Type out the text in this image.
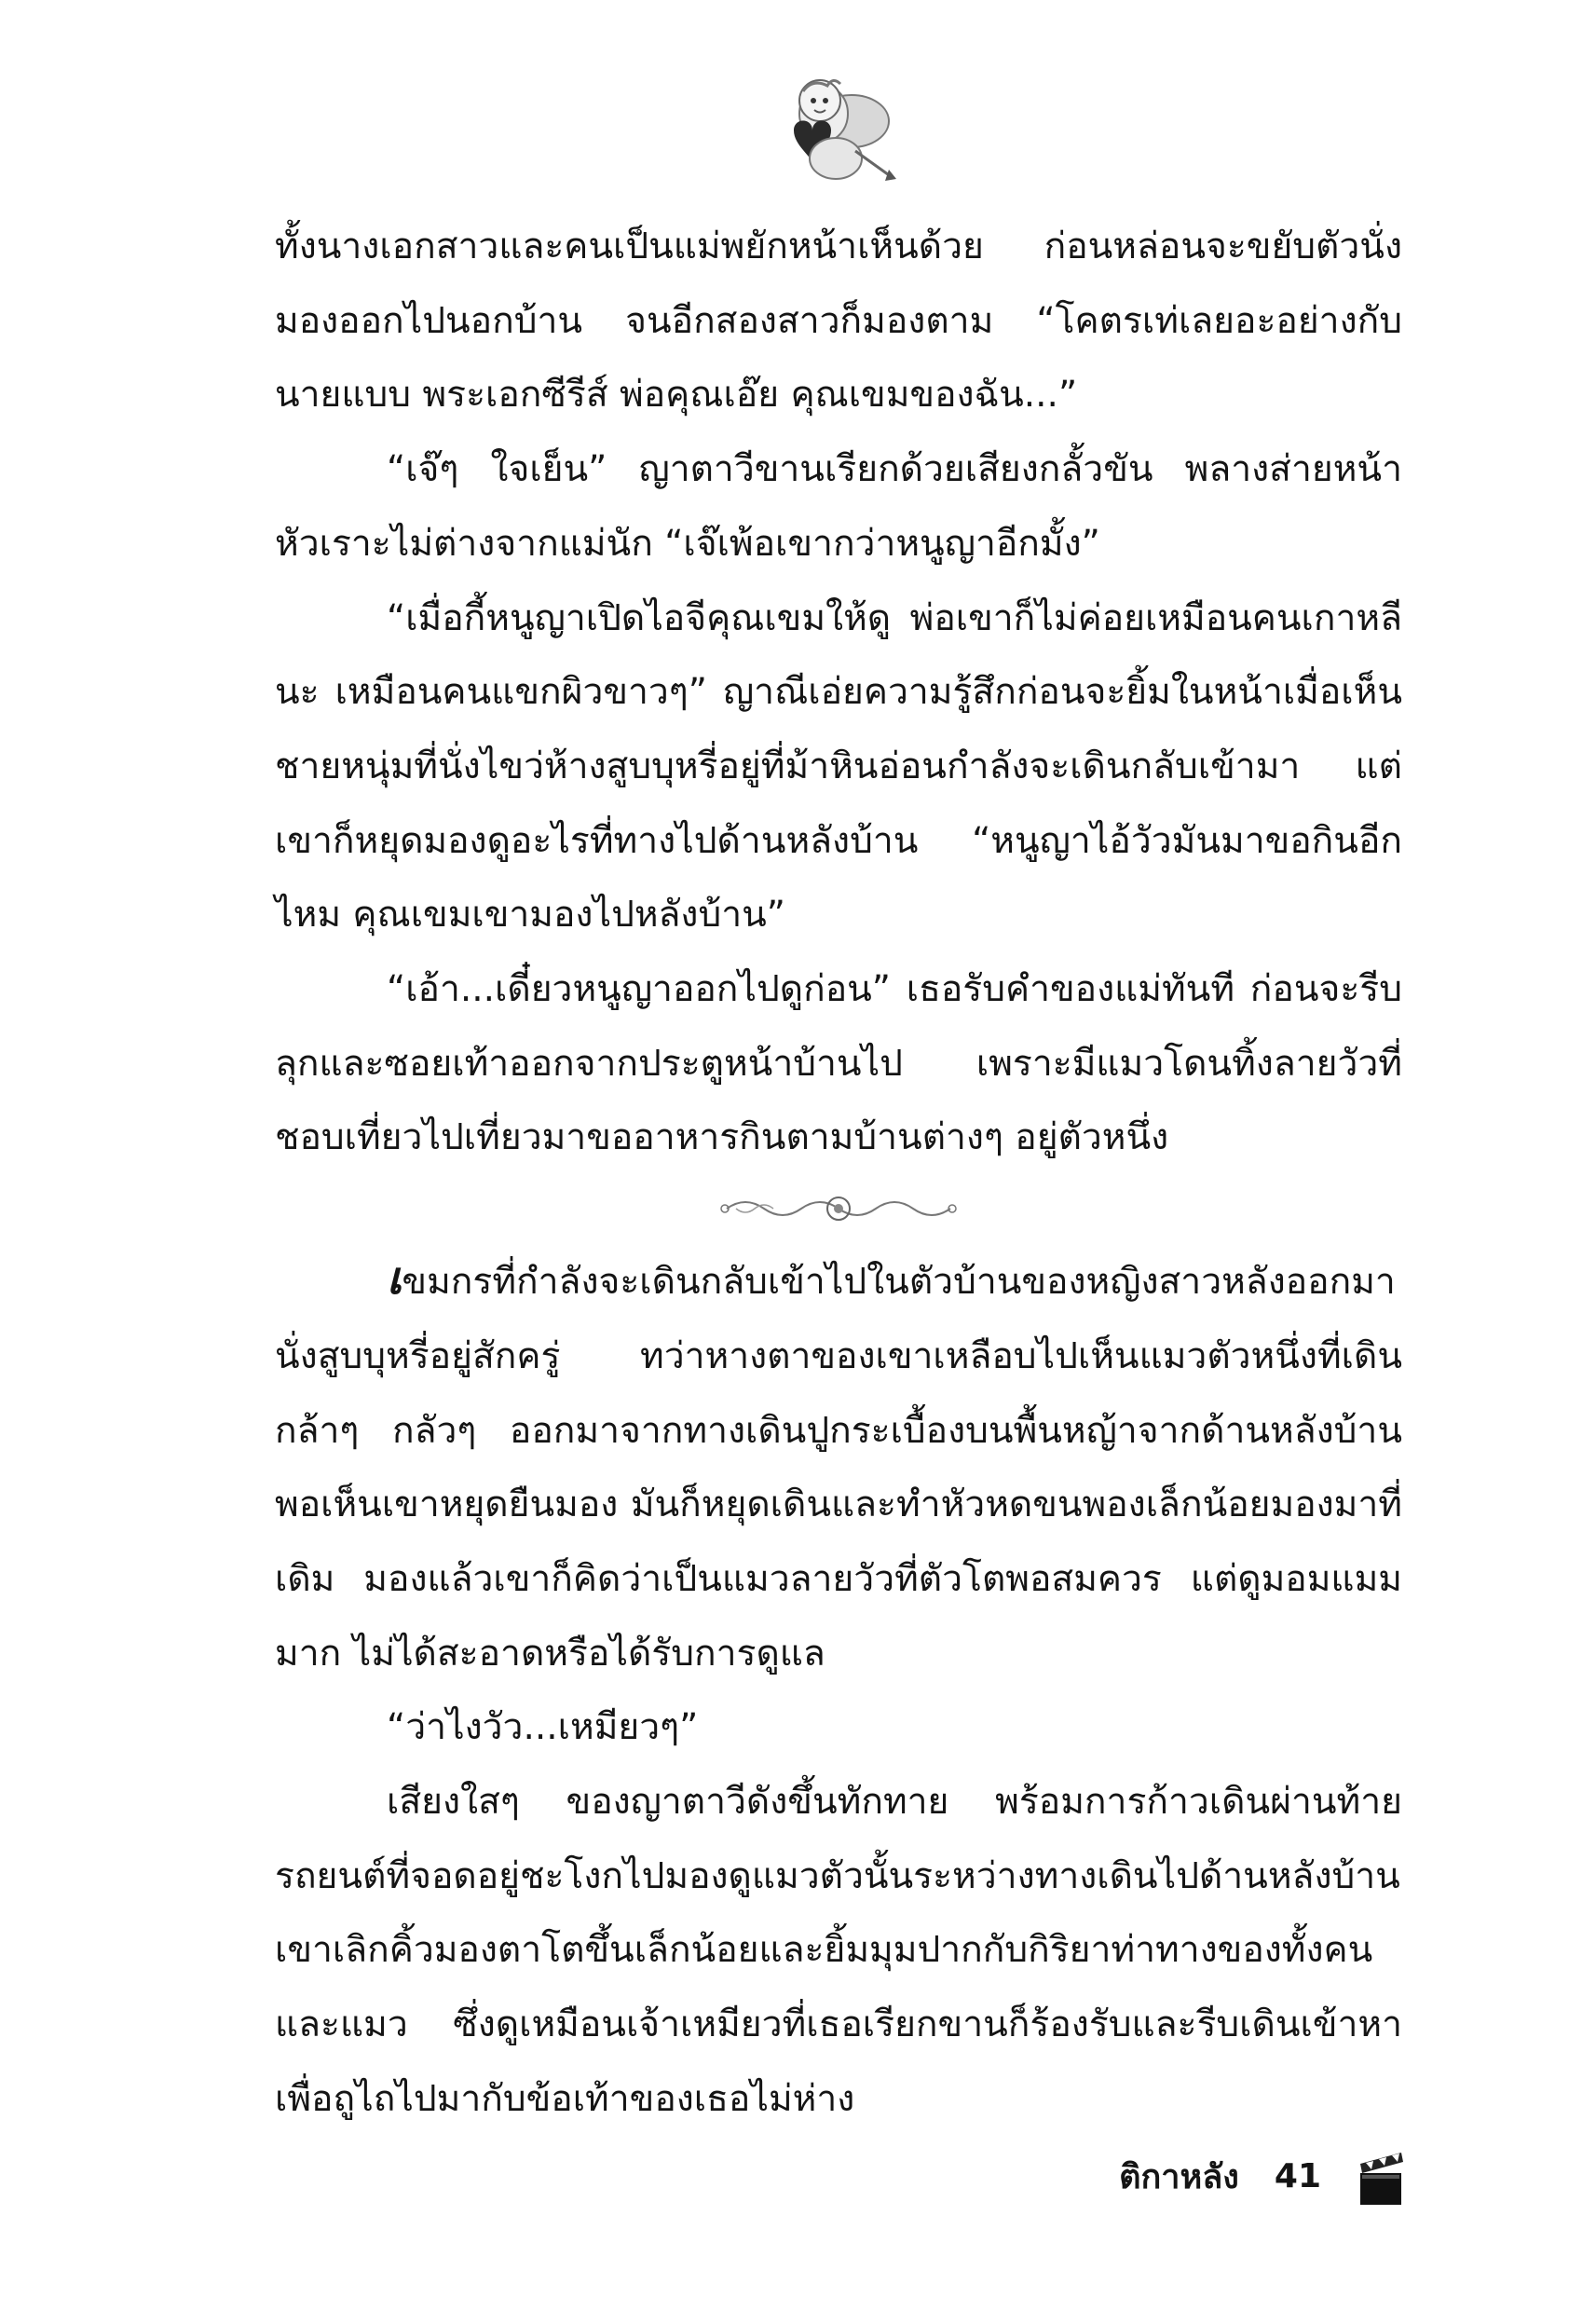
ทั้งนางเอกสาวและคนเป็นแม่พยักหน้าเห็นด้วย ก่อนหล่อนจะขยับตัวนั่งมองออกไปนอกบ้าน จนอีกสองสาวก็มองตาม “โคตรเท่เลยอะอย่างกับนายแบบ พระเอกซีรีส์ พ่อคุณเอ๊ย คุณเขมของฉัน...”

“เจ๊ๆ ใจเย็น” ญาตาวีขานเรียกด้วยเสียงกลั้วขัน พลางส่ายหน้าหัวเราะไม่ต่างจากแม่นัก “เจ๊เพ้อเขากว่าหนูญาอีกมั้ง”

“เมื่อกี้หนูญาเปิดไอจีคุณเขมให้ดู พ่อเขาก็ไม่ค่อยเหมือนคนเกาหลีนะ เหมือนคนแขกผิวขาวๆ” ญาณีเอ่ยความรู้สึกก่อนจะยิ้มในหน้าเมื่อเห็นชายหนุ่มที่นั่งไขว่ห้างสูบบุหรี่อยู่ที่ม้าหินอ่อนกำลังจะเดินกลับเข้ามา แต่เขาก็หยุดมองดูอะไรที่ทางไปด้านหลังบ้าน “หนูญาไอ้วัวมันมาขอกินอีกไหม คุณเขมเขามองไปหลังบ้าน”

“เอ้า...เดี๋ยวหนูญาออกไปดูก่อน” เธอรับคำของแม่ทันที ก่อนจะรีบลุกและซอยเท้าออกจากประตูหน้าบ้านไป เพราะมีแมวโดนทิ้งลายวัวที่ชอบเที่ยวไปเที่ยวมาขออาหารกินตามบ้านต่างๆ อยู่ตัวหนึ่ง

เขมกรที่กำลังจะเดินกลับเข้าไปในตัวบ้านของหญิงสาวหลังออกมานั่งสูบบุหรี่อยู่สักครู่ ทว่าหางตาของเขาเหลือบไปเห็นแมวตัวหนึ่งที่เดินกล้าๆ กลัวๆ ออกมาจากทางเดินปูกระเบื้องบนพื้นหญ้าจากด้านหลังบ้าน พอเห็นเขาหยุดยืนมอง มันก็หยุดเดินและทำหัวหดขนพองเล็กน้อยมองมาที่เดิม มองแล้วเขาก็คิดว่าเป็นแมวลายวัวที่ตัวโตพอสมควร แต่ดูมอมแมมมาก ไม่ได้สะอาดหรือได้รับการดูแล

“ว่าไงวัว...เหมียวๆ”

เสียงใสๆ ของญาตาวีดังขึ้นทักทาย พร้อมการก้าวเดินผ่านท้ายรถยนต์ที่จอดอยู่ชะโงกไปมองดูแมวตัวนั้นระหว่างทางเดินไปด้านหลังบ้าน เขาเลิกคิ้วมองตาโตขึ้นเล็กน้อยและยิ้มมุมปากกับกิริยาท่าทางของทั้งคนและแมว ซึ่งดูเหมือนเจ้าเหมียวที่เธอเรียกขานก็ร้องรับและรีบเดินเข้าหาเพื่อถูไถไปมากับข้อเท้าของเธอไม่ห่าง

ติกาหลัง 41
